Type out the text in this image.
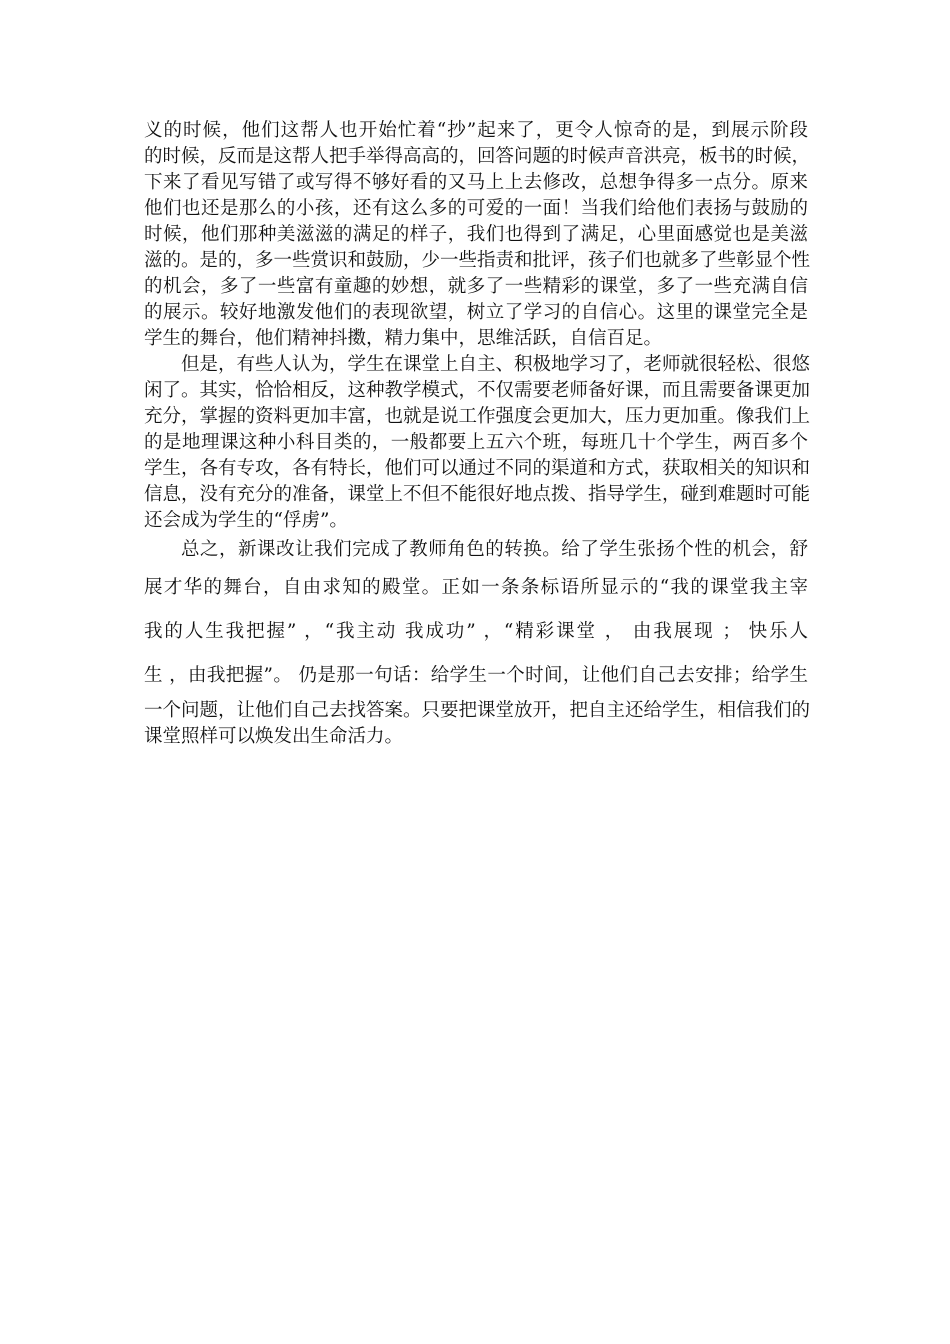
义的时候，他们这帮人也开始忙着“抄”起来了，更令人惊奇的是，到展示阶段
的时候，反而是这帮人把手举得高高的，回答问题的时候声音洪亮，板书的时候，
下来了看见写错了或写得不够好看的又马上上去修改，总想争得多一点分。原来
他们也还是那么的小孩，还有这么多的可爱的一面！当我们给他们表扬与鼓励的
时候，他们那种美滋滋的满足的样子，我们也得到了满足，心里面感觉也是美滋
滋的。是的，多一些赏识和鼓励，少一些指责和批评，孩子们也就多了些彰显个性
的机会，多了一些富有童趣的妙想，就多了一些精彩的课堂，多了一些充满自信
的展示。较好地激发他们的表现欲望，树立了学习的自信心。这里的课堂完全是
学生的舞台，他们精神抖擞，精力集中，思维活跃，自信百足。
但是，有些人认为，学生在课堂上自主、积极地学习了，老师就很轻松、很悠
闲了。其实，恰恰相反，这种教学模式，不仅需要老师备好课，而且需要备课更加
充分，掌握的资料更加丰富，也就是说工作强度会更加大，压力更加重。像我们上
的是地理课这种小科目类的，一般都要上五六个班，每班几十个学生，两百多个
学生，各有专攻，各有特长，他们可以通过不同的渠道和方式，获取相关的知识和
信息，没有充分的准备，课堂上不但不能很好地点拨、指导学生，碰到难题时可能
还会成为学生的“俘虏”。
总之，新课改让我们完成了教师角色的转换。给了学生张扬个性的机会，舒
展才华的舞台，自由求知的殿堂。正如一条条标语所显示的“我的课堂我主宰
我的人生我把握” ，“我主动 我成功” ，“精彩课堂 ， 由我展现 ； 快乐人
生 ，由我把握”。 仍是那一句话：给学生一个时间，让他们自己去安排；给学生
一个问题，让他们自己去找答案。只要把课堂放开，把自主还给学生，相信我们的
课堂照样可以焕发出生命活力。
